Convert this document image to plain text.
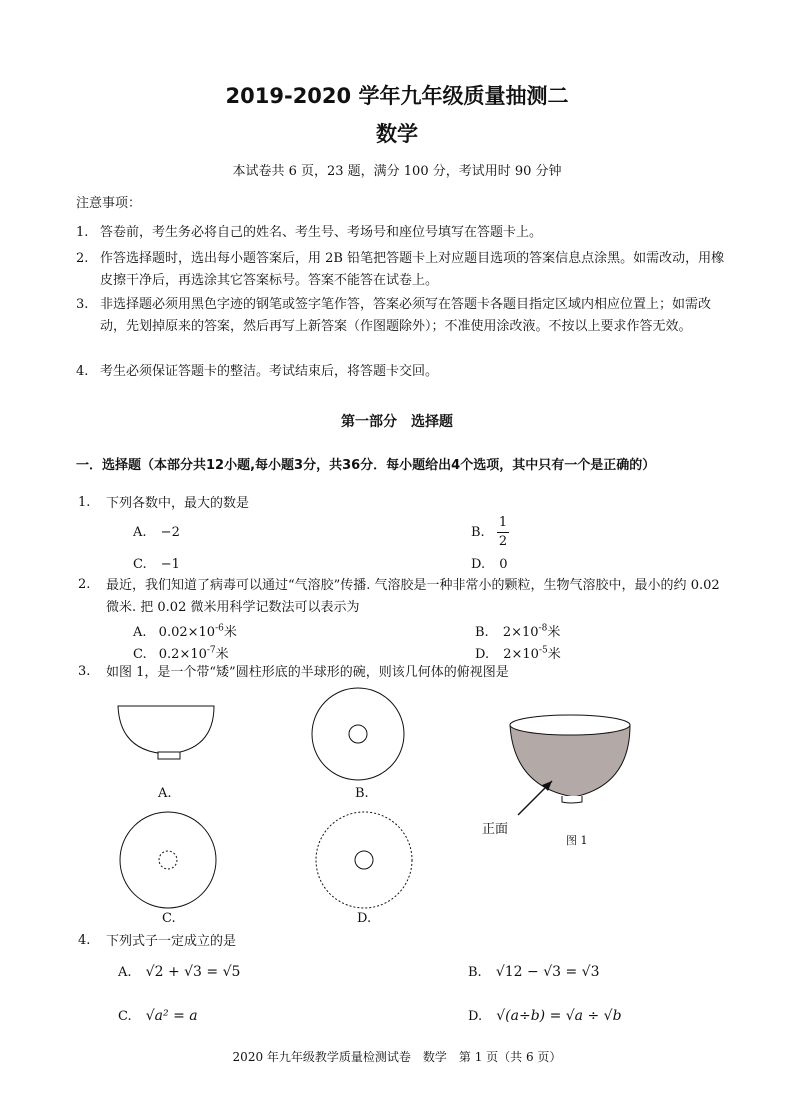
2019-2020 学年九年级质量抽测二
数学
本试卷共 6 页，23 题，满分 100 分，考试用时 90 分钟
注意事项：
1. 答卷前，考生务必将自己的姓名、考生号、考场号和座位号填写在答题卡上。
2. 作答选择题时，选出每小题答案后，用 2B 铅笔把答题卡上对应题目选项的答案信息点涂黑。如需改动，用橡皮擦干净后，再选涂其它答案标号。答案不能答在试卷上。
3. 非选择题必须用黑色字迹的钢笔或签字笔作答，答案必须写在答题卡各题目指定区域内相应位置上；如需改动，先划掉原来的答案，然后再写上新答案（作图题除外）；不准使用涂改液。不按以上要求作答无效。
4. 考生必须保证答题卡的整洁。考试结束后，将答题卡交回。
第一部分　选择题
一．选择题（本部分共12小题,每小题3分，共36分．每小题给出4个选项，其中只有一个是正确的）
1. 下列各数中，最大的数是
A. −2	B. $\frac{1}{2}$
C. −1	D. 0
2. 最近，我们知道了病毒可以通过“气溶胶”传播. 气溶胶是一种非常小的颗粒，生物气溶胶中，最小的约 0.02 微米. 把 0.02 微米用科学记数法可以表示为
A. $0.02\times 10^{-6}$米	B. $2\times 10^{-8}$米
C. $0.2\times 10^{-7}$米	D. $2\times 10^{-5}$米
3. 如图 1，是一个带“矮”圆柱形底的半球形的碗，则该几何体的俯视图是
A.	B.
C.	D.
正面
图 1
4. 下列式子一定成立的是
A. √2 + √3 = √5	B. √12 − √3 = √3
C. √a² = a	D. √(a÷b) = √a ÷ √b
2020 年九年级教学质量检测试卷　数学　第 1 页（共 6 页）
